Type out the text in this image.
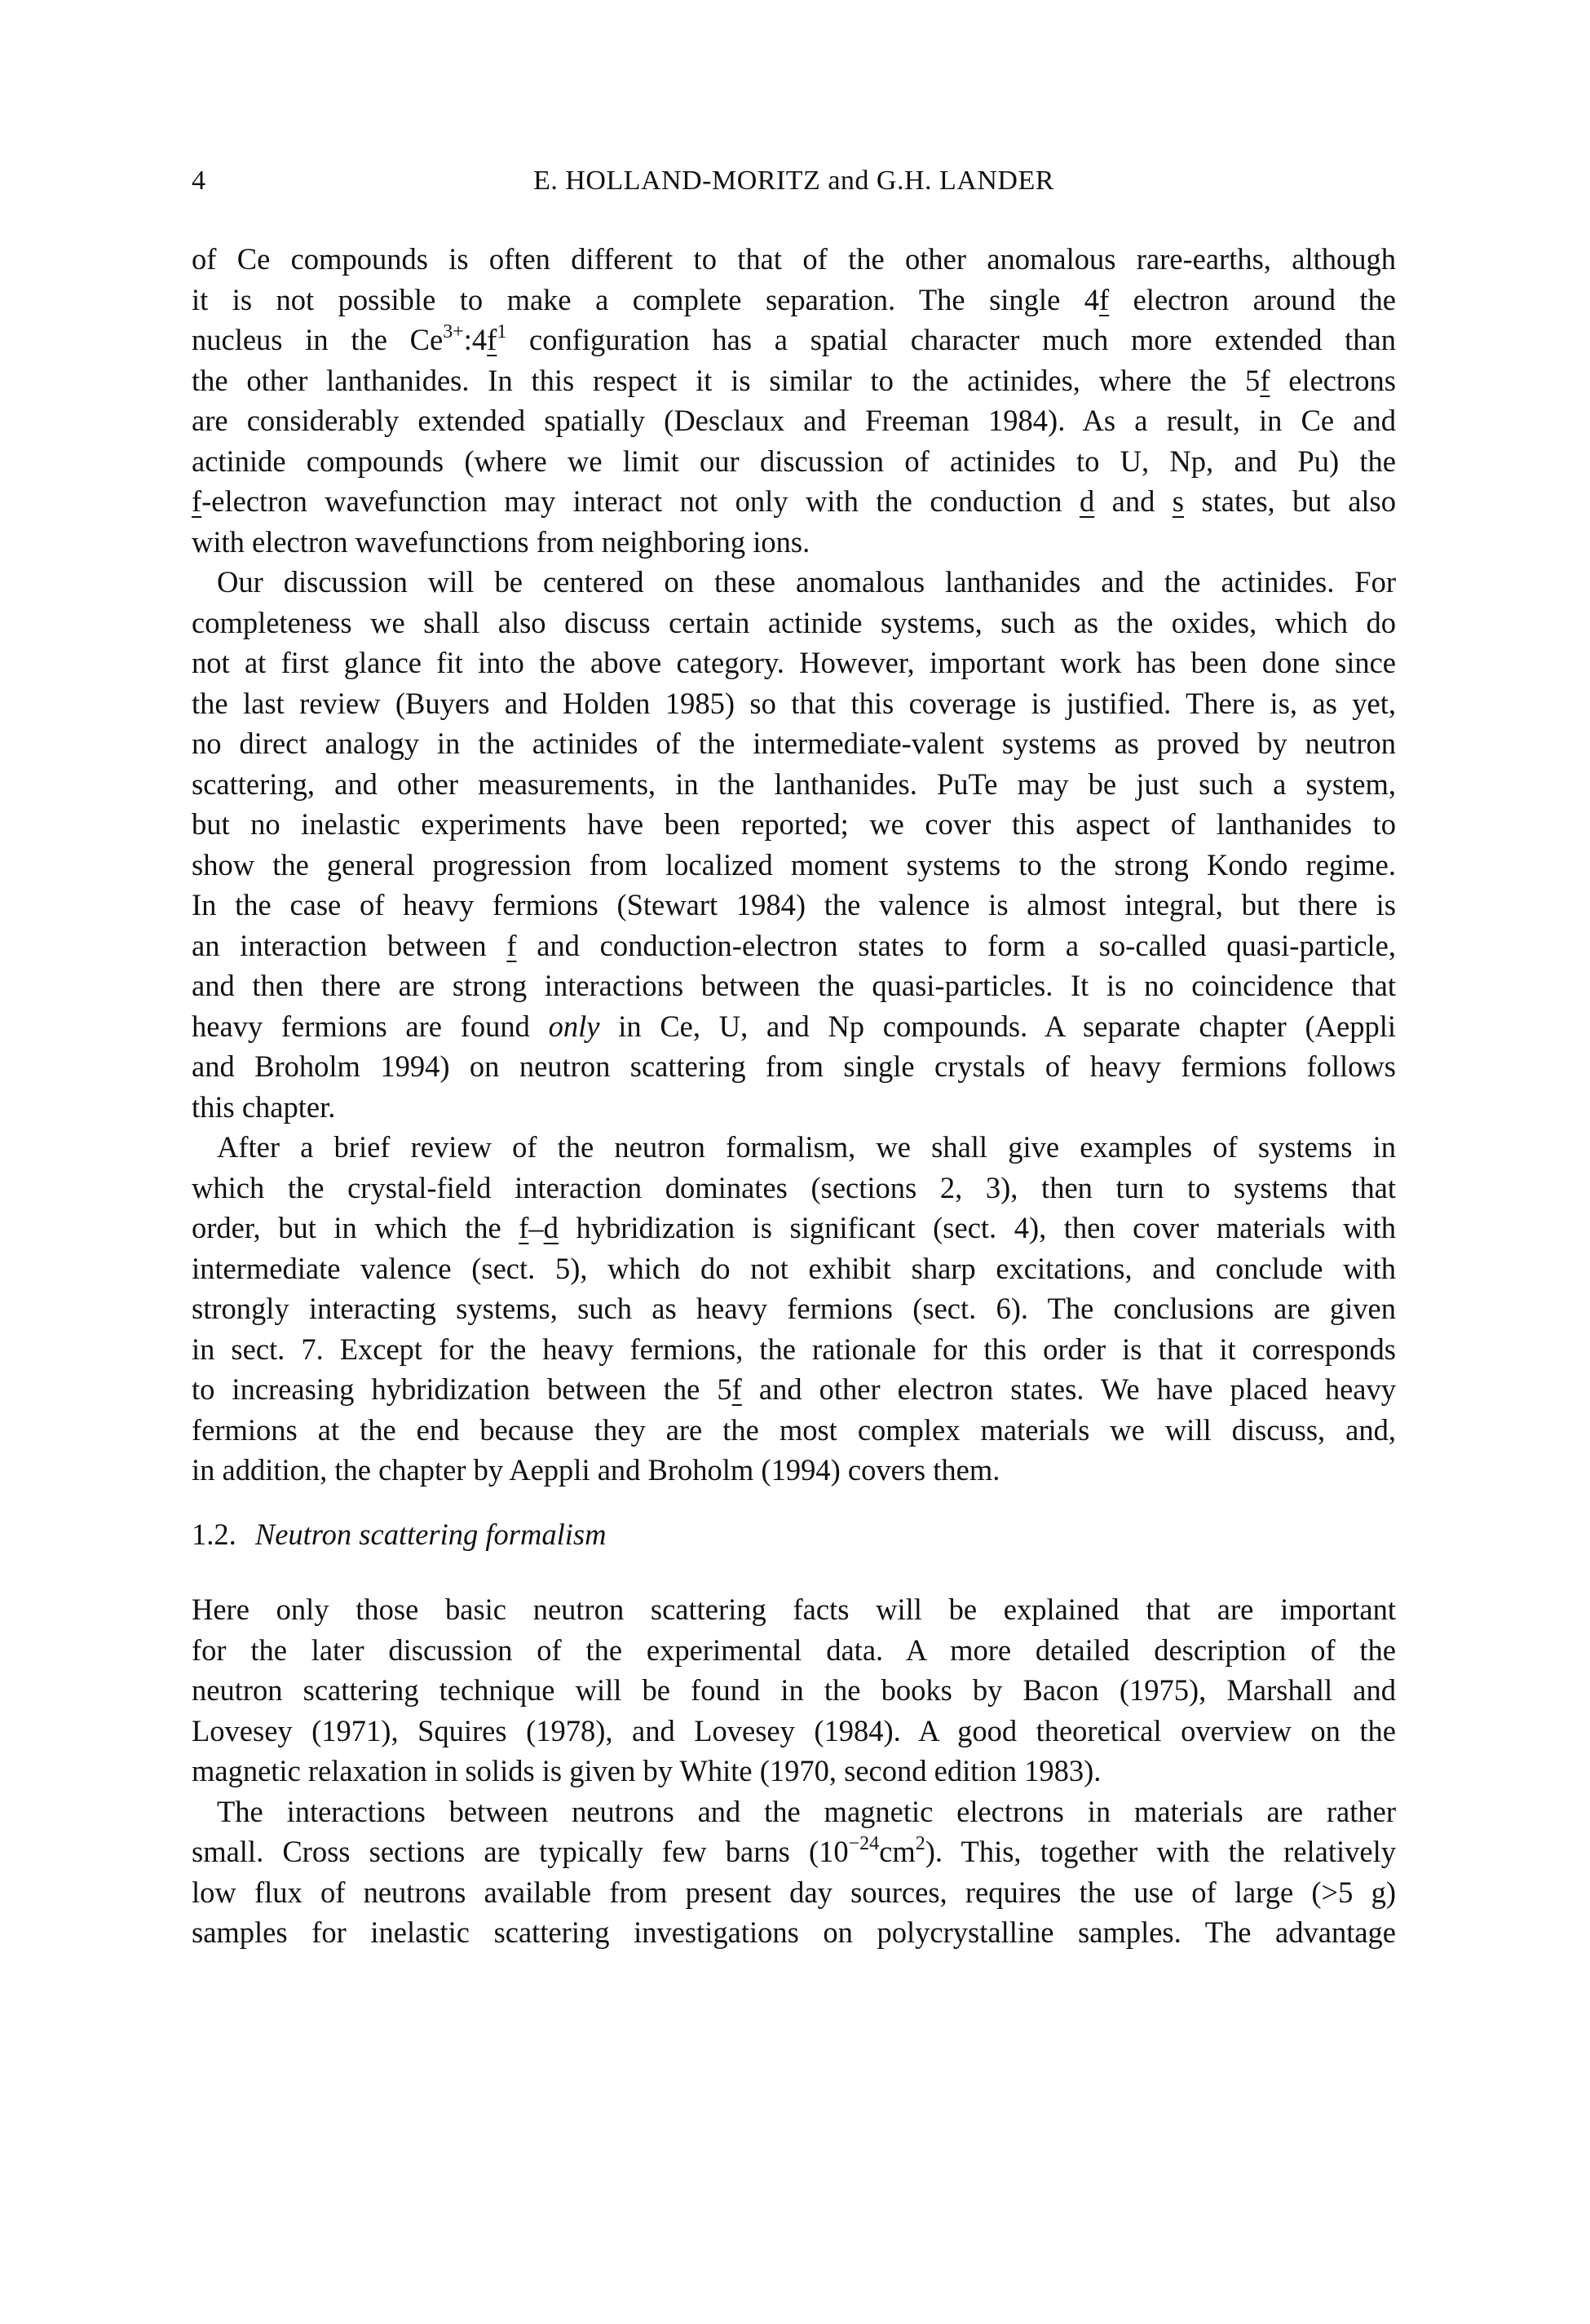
4	E. HOLLAND-MORITZ and G.H. LANDER
of Ce compounds is often different to that of the other anomalous rare-earths, although
it is not possible to make a complete separation. The single 4f electron around the
nucleus in the $Ce^{3+}:4f^1$ configuration has a spatial character much more extended than
the other lanthanides. In this respect it is similar to the actinides, where the 5f electrons
are considerably extended spatially (Desclaux and Freeman 1984). As a result, in Ce and
actinide compounds (where we limit our discussion of actinides to U, Np, and Pu) the
f-electron wavefunction may interact not only with the conduction d and s states, but also
with electron wavefunctions from neighboring ions.
Our discussion will be centered on these anomalous lanthanides and the actinides. For
completeness we shall also discuss certain actinide systems, such as the oxides, which do
not at first glance fit into the above category. However, important work has been done since
the last review (Buyers and Holden 1985) so that this coverage is justified. There is, as yet,
no direct analogy in the actinides of the intermediate-valent systems as proved by neutron
scattering, and other measurements, in the lanthanides. PuTe may be just such a system,
but no inelastic experiments have been reported; we cover this aspect of lanthanides to
show the general progression from localized moment systems to the strong Kondo regime.
In the case of heavy fermions (Stewart 1984) the valence is almost integral, but there is
an interaction between f and conduction-electron states to form a so-called quasi-particle,
and then there are strong interactions between the quasi-particles. It is no coincidence that
heavy fermions are found only in Ce, U, and Np compounds. A separate chapter (Aeppli
and Broholm 1994) on neutron scattering from single crystals of heavy fermions follows
this chapter.
After a brief review of the neutron formalism, we shall give examples of systems in
which the crystal-field interaction dominates (sections 2, 3), then turn to systems that
order, but in which the f–d hybridization is significant (sect. 4), then cover materials with
intermediate valence (sect. 5), which do not exhibit sharp excitations, and conclude with
strongly interacting systems, such as heavy fermions (sect. 6). The conclusions are given
in sect. 7. Except for the heavy fermions, the rationale for this order is that it corresponds
to increasing hybridization between the 5f and other electron states. We have placed heavy
fermions at the end because they are the most complex materials we will discuss, and,
in addition, the chapter by Aeppli and Broholm (1994) covers them.
1.2. Neutron scattering formalism
Here only those basic neutron scattering facts will be explained that are important
for the later discussion of the experimental data. A more detailed description of the
neutron scattering technique will be found in the books by Bacon (1975), Marshall and
Lovesey (1971), Squires (1978), and Lovesey (1984). A good theoretical overview on the
magnetic relaxation in solids is given by White (1970, second edition 1983).
The interactions between neutrons and the magnetic electrons in materials are rather
small. Cross sections are typically few barns $(10^{-24}cm^2)$. This, together with the relatively
low flux of neutrons available from present day sources, requires the use of large (>5 g)
samples for inelastic scattering investigations on polycrystalline samples. The advantage
